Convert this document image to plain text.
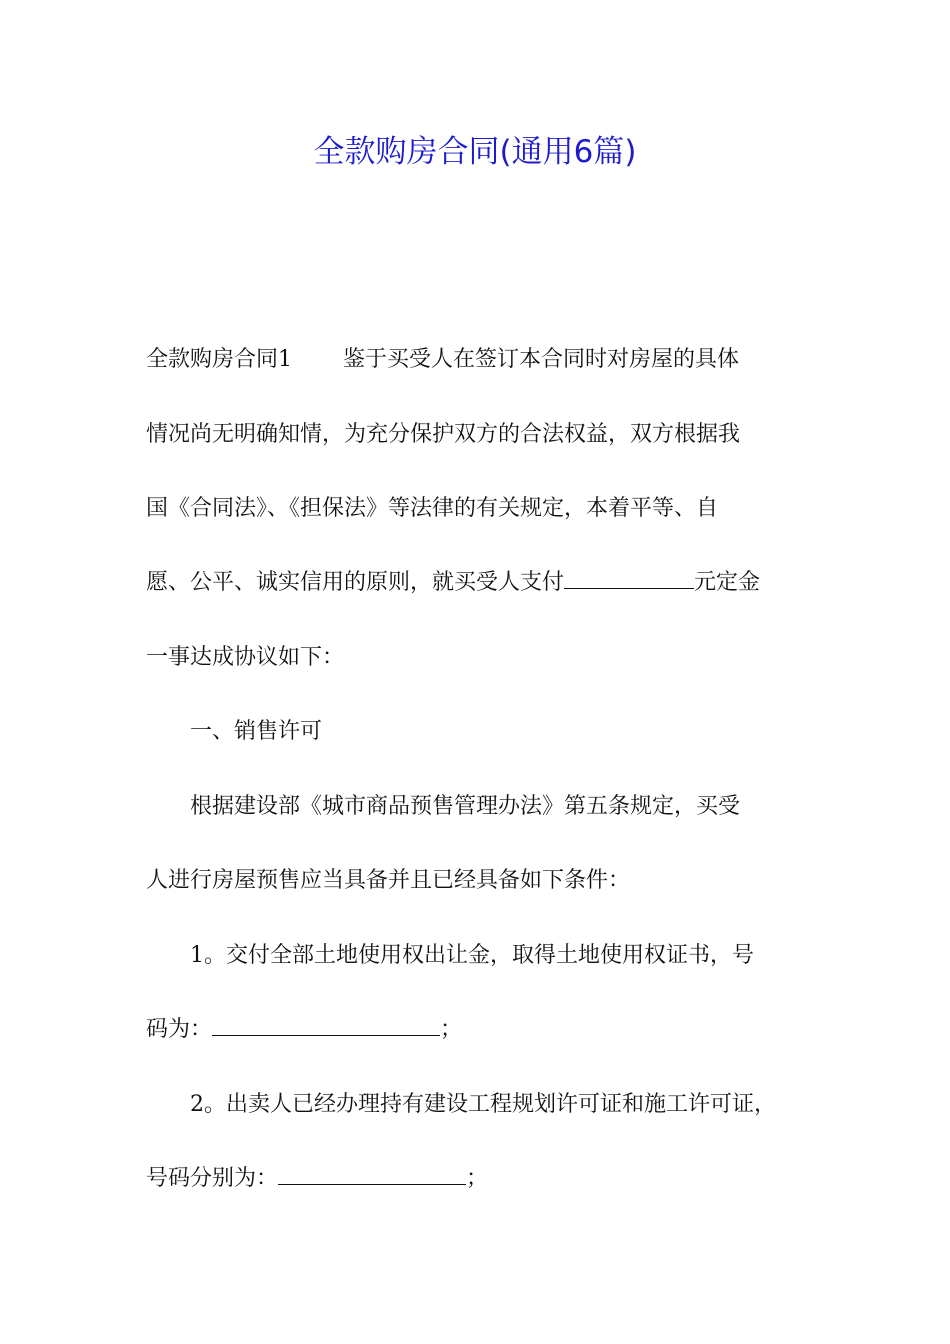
全款购房合同(通用6篇)

全款购房合同1　　 鉴于买受人在签订本合同时对房屋的具体

情况尚无明确知情，为充分保护双方的合法权益，双方根据我

国《合同法》、《担保法》等法律的有关规定，本着平等、自

愿、公平、诚实信用的原则，就买受人支付	元定金

一事达成协议如下：

　　一、销售许可

　　根据建设部《城市商品预售管理办法》第五条规定，买受

人进行房屋预售应当具备并且已经具备如下条件：

　　1。交付全部土地使用权出让金，取得土地使用权证书，号

码为：	；

　　2。出卖人已经办理持有建设工程规划许可证和施工许可证，

号码分别为：	；
